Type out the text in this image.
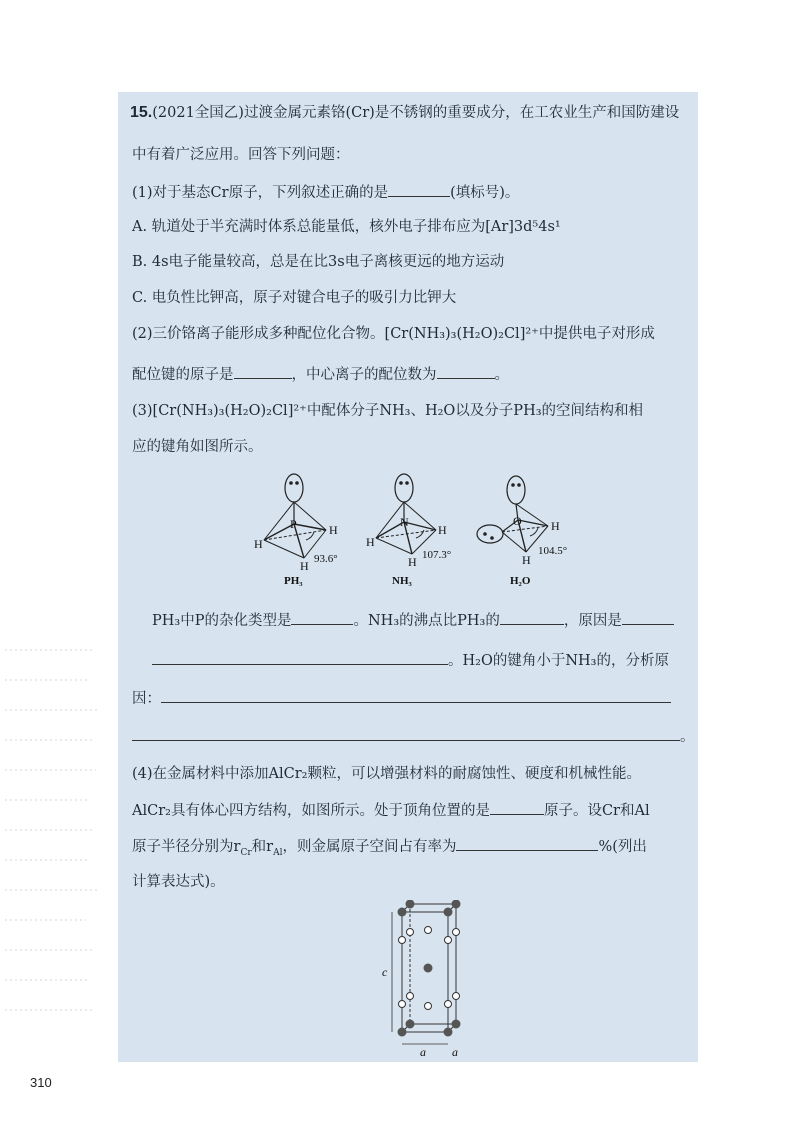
15.(2021全国乙)过渡金属元素铬(Cr)是不锈钢的重要成分，在工农业生产和国防建设
中有着广泛应用。回答下列问题：
(1)对于基态Cr原子，下列叙述正确的是	(填标号)。
A. 轨道处于半充满时体系总能量低，核外电子排布应为[Ar]3d⁵4s¹
B. 4s电子能量较高，总是在比3s电子离核更远的地方运动
C. 电负性比钾高，原子对键合电子的吸引力比钾大
(2)三价铬离子能形成多种配位化合物。[Cr(NH₃)₃(H₂O)₂Cl]²⁺中提供电子对形成
配位键的原子是	，中心离子的配位数为	。
(3)[Cr(NH₃)₃(H₂O)₂Cl]²⁺中配体分子NH₃、H₂O以及分子PH₃的空间结构和相
应的键角如图所示。
P
H
H
H 93.6°
PH₃
N
H
H
H 107.3°
NH₃
O H
H
104.5°
H₂O
PH₃中P的杂化类型是	。NH₃的沸点比PH₃的	，原因是
。H₂O的键角小于NH₃的，分析原
因：
。
(4)在金属材料中添加AlCr₂颗粒，可以增强材料的耐腐蚀性、硬度和机械性能。
AlCr₂具有体心四方结构，如图所示。处于顶角位置的是	原子。设Cr和Al
原子半径分别为$r_{Cr}$和$r_{Al}$，则金属原子空间占有率为	%(列出
计算表达式)。
c
a a
310
